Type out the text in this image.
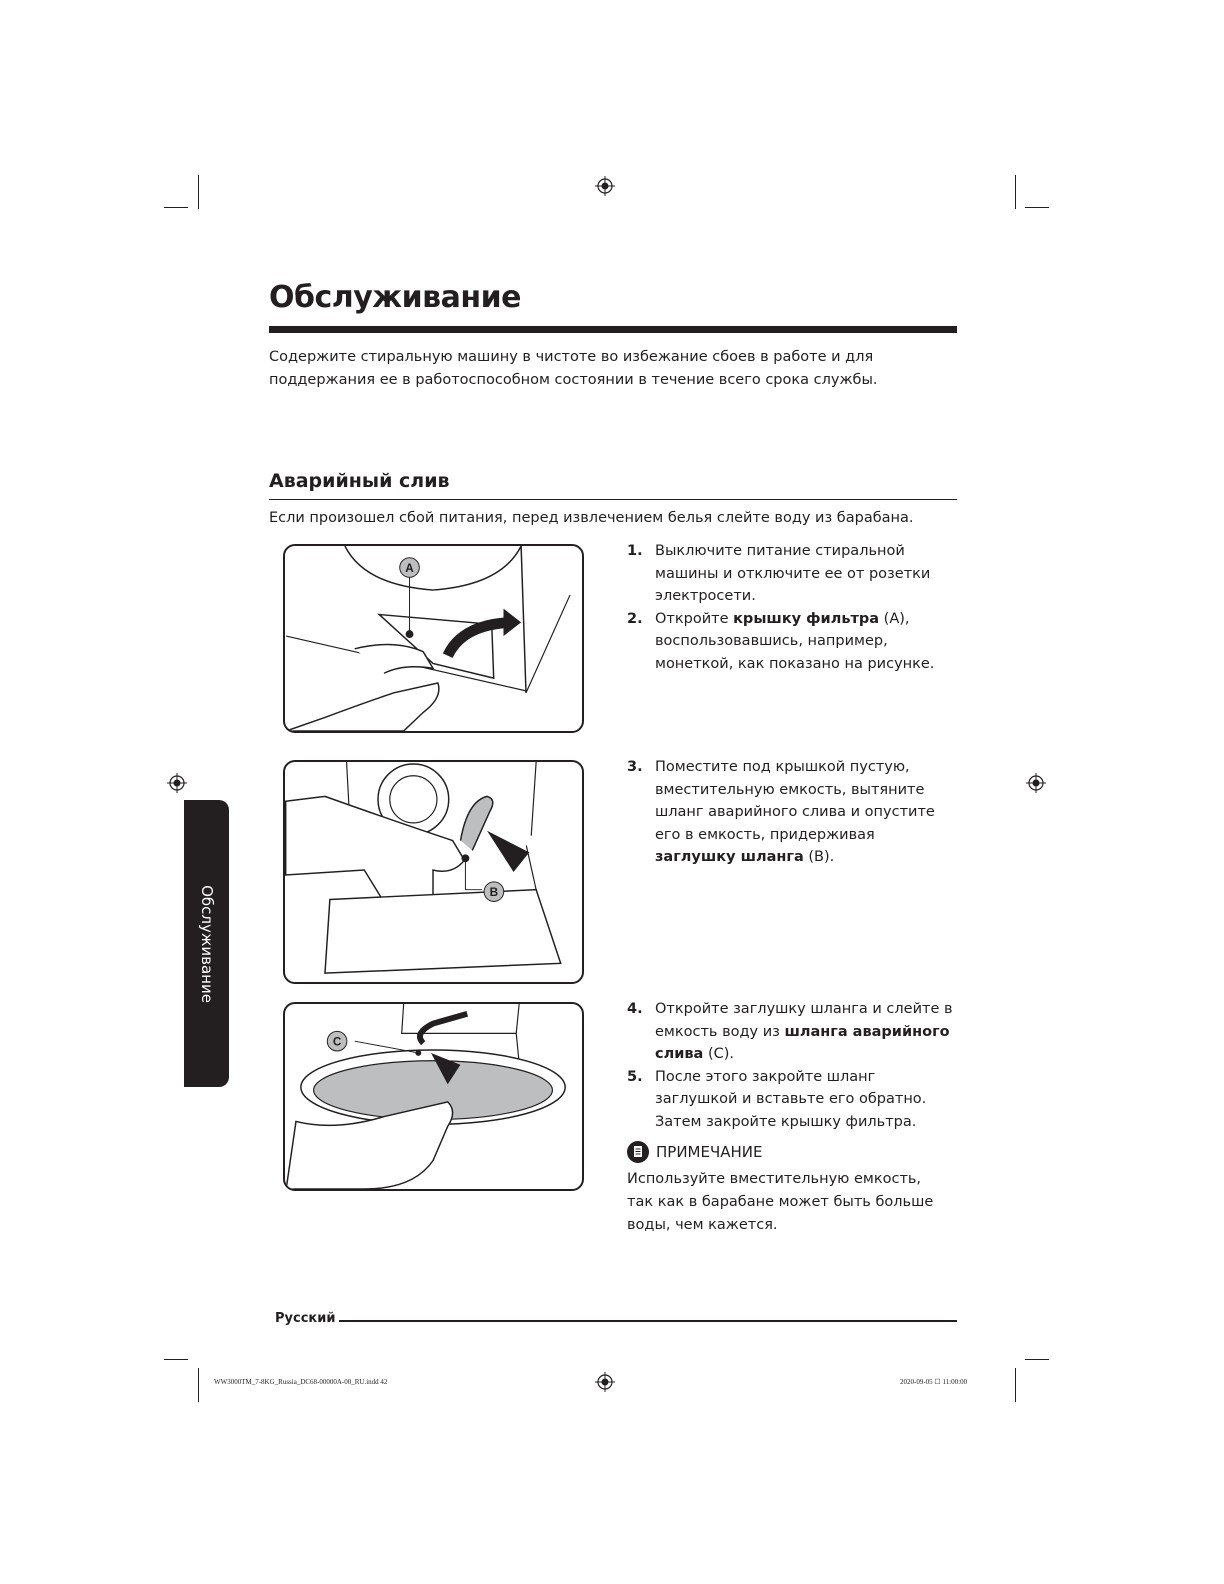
Обслуживание

Содержите стиральную машину в чистоте во избежание сбоев в работе и для поддержания ее в работоспособном состоянии в течение всего срока службы.

Аварийный слив

Если произошел сбой питания, перед извлечением белья слейте воду из барабана.

A
B
C
1. Выключите питание стиральной машины и отключите ее от розетки электросети.
2. Откройте крышку фильтра (A), воспользовавшись, например, монеткой, как показано на рисунке.
3. Поместите под крышкой пустую, вместительную емкость, вытяните шланг аварийного слива и опустите его в емкость, придерживая заглушку шланга (B).
4. Откройте заглушку шланга и слейте в емкость воду из шланга аварийного слива (C).
5. После этого закройте шланг заглушкой и вставьте его обратно. Затем закройте крышку фильтра.
ПРИМЕЧАНИЕ

Используйте вместительную емкость, так как в барабане может быть больше воды, чем кажется.

Обслуживание
Русский
WW3000TM_7-8KG_Russia_DC68-00000A-00_RU.indd 42	2020-09-05 ☐ 11:00:00
